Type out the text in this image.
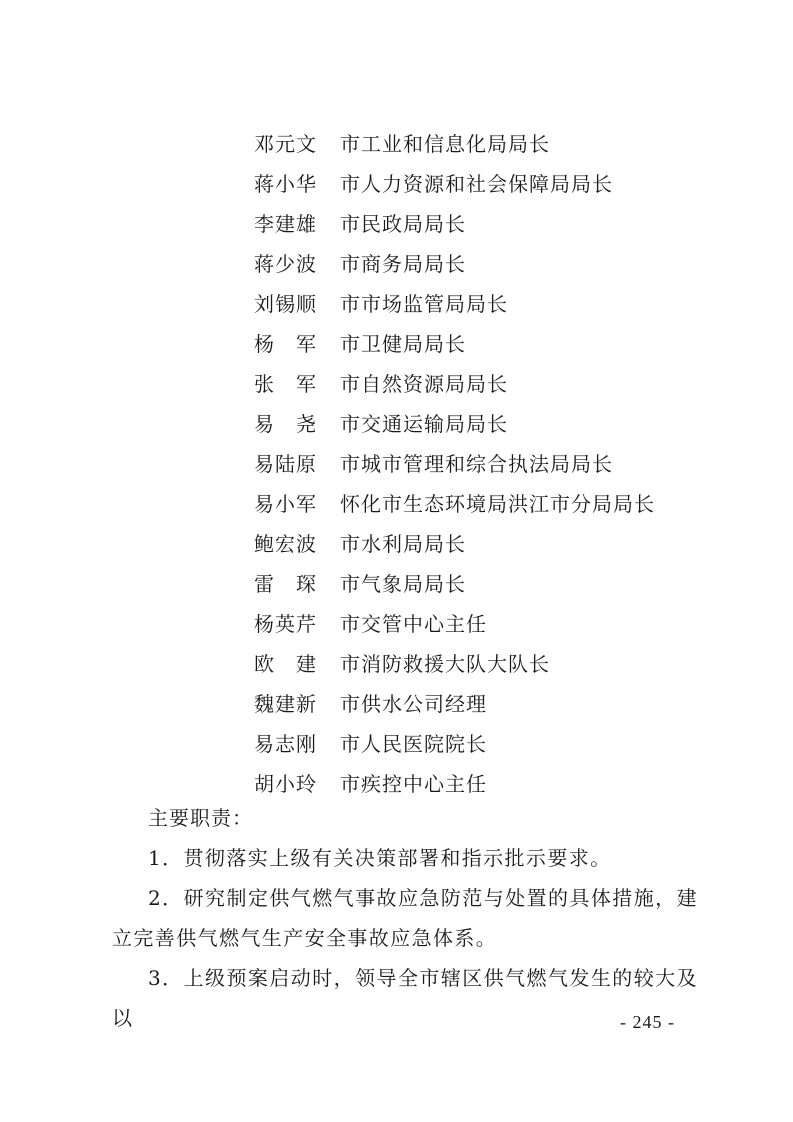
邓元文 市工业和信息化局局长
蒋小华 市人力资源和社会保障局局长
李建雄 市民政局局长
蒋少波 市商务局局长
刘锡顺 市市场监管局局长
杨　军 市卫健局局长
张　军 市自然资源局局长
易　尧 市交通运输局局长
易陆原 市城市管理和综合执法局局长
易小军 怀化市生态环境局洪江市分局局长
鲍宏波 市水利局局长
雷　琛 市气象局局长
杨英芹 市交管中心主任
欧　建 市消防救援大队大队长
魏建新 市供水公司经理
易志刚 市人民医院院长
胡小玲 市疾控中心主任
主要职责：

1．贯彻落实上级有关决策部署和指示批示要求。

2．研究制定供气燃气事故应急防范与处置的具体措施，建立完善供气燃气生产安全事故应急体系。

3．上级预案启动时，领导全市辖区供气燃气发生的较大及以	- 245 -
